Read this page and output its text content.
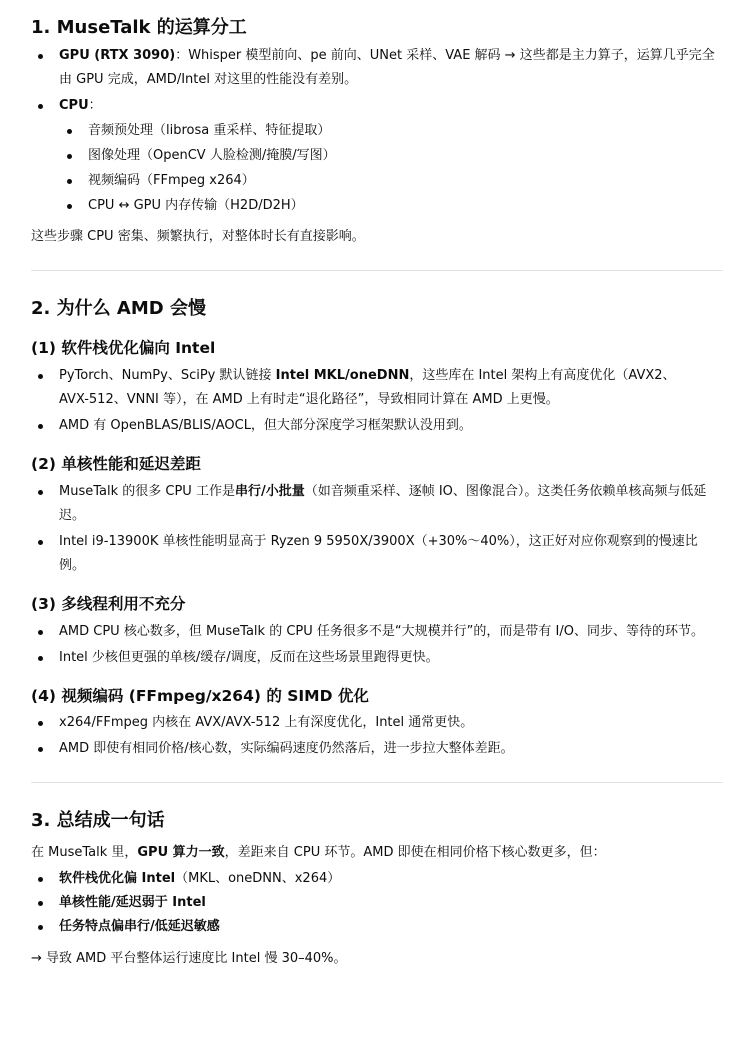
1. MuseTalk 的运算分工
GPU (RTX 3090)：Whisper 模型前向、pe 前向、UNet 采样、VAE 解码 → 这些都是主力算子，运算几乎完全由 GPU 完成，AMD/Intel 对这里的性能没有差别。
CPU：
音频预处理（librosa 重采样、特征提取）
图像处理（OpenCV 人脸检测/掩膜/写图）
视频编码（FFmpeg x264）
CPU ↔ GPU 内存传输（H2D/D2H）

这些步骤 CPU 密集、频繁执行，对整体时长有直接影响。

2. 为什么 AMD 会慢
(1) 软件栈优化偏向 Intel
PyTorch、NumPy、SciPy 默认链接 Intel MKL/oneDNN，这些库在 Intel 架构上有高度优化（AVX2、AVX-512、VNNI 等），在 AMD 上有时走“退化路径”，导致相同计算在 AMD 上更慢。
AMD 有 OpenBLAS/BLIS/AOCL，但大部分深度学习框架默认没用到。
(2) 单核性能和延迟差距
MuseTalk 的很多 CPU 工作是串行/小批量（如音频重采样、逐帧 IO、图像混合）。这类任务依赖单核高频与低延迟。
Intel i9-13900K 单核性能明显高于 Ryzen 9 5950X/3900X（+30%～40%），这正好对应你观察到的慢速比例。
(3) 多线程利用不充分
AMD CPU 核心数多，但 MuseTalk 的 CPU 任务很多不是“大规模并行”的，而是带有 I/O、同步、等待的环节。
Intel 少核但更强的单核/缓存/调度，反而在这些场景里跑得更快。
(4) 视频编码 (FFmpeg/x264) 的 SIMD 优化
x264/FFmpeg 内核在 AVX/AVX-512 上有深度优化，Intel 通常更快。
AMD 即使有相同价格/核心数，实际编码速度仍然落后，进一步拉大整体差距。
3. 总结成一句话

在 MuseTalk 里，GPU 算力一致，差距来自 CPU 环节。AMD 即使在相同价格下核心数更多，但：

软件栈优化偏 Intel（MKL、oneDNN、x264）
单核性能/延迟弱于 Intel
任务特点偏串行/低延迟敏感

→ 导致 AMD 平台整体运行速度比 Intel 慢 30–40%。
